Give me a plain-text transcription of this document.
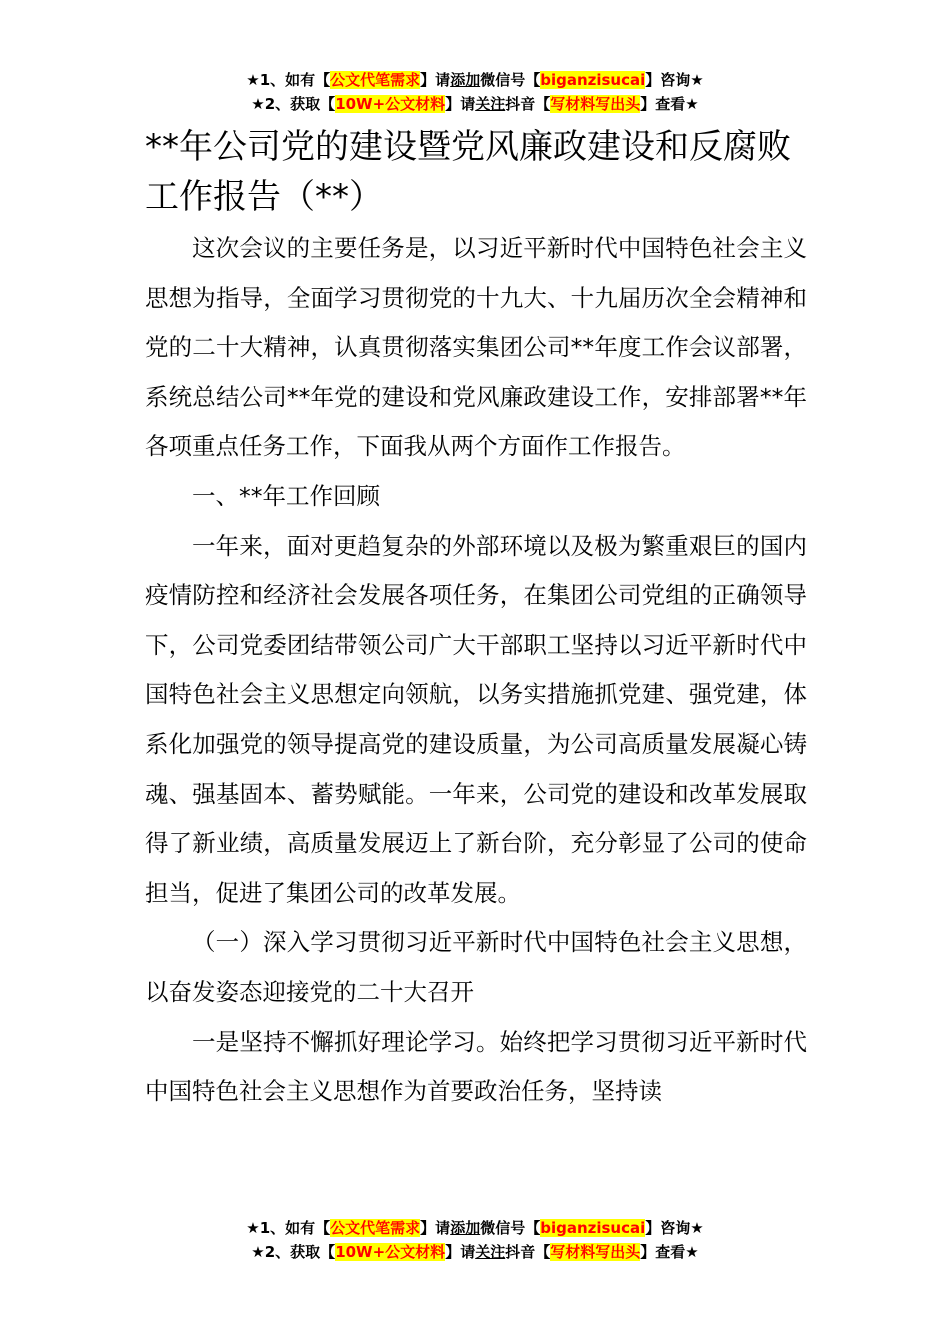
★1、如有【公文代笔需求】请添加微信号【biganzisucai】咨询★
★2、获取【10W+公文材料】请关注抖音【写材料写出头】查看★
**年公司党的建设暨党风廉政建设和反腐败工作报告（**）

这次会议的主要任务是，以习近平新时代中国特色社会主义思想为指导，全面学习贯彻党的十九大、十九届历次全会精神和党的二十大精神，认真贯彻落实集团公司**年度工作会议部署，系统总结公司**年党的建设和党风廉政建设工作，安排部署**年各项重点任务工作，下面我从两个方面作工作报告。

一、**年工作回顾

一年来，面对更趋复杂的外部环境以及极为繁重艰巨的国内疫情防控和经济社会发展各项任务，在集团公司党组的正确领导下，公司党委团结带领公司广大干部职工坚持以习近平新时代中国特色社会主义思想定向领航，以务实措施抓党建、强党建，体系化加强党的领导提高党的建设质量，为公司高质量发展凝心铸魂、强基固本、蓄势赋能。一年来，公司党的建设和改革发展取得了新业绩，高质量发展迈上了新台阶，充分彰显了公司的使命担当，促进了集团公司的改革发展。

（一）深入学习贯彻习近平新时代中国特色社会主义思想，以奋发姿态迎接党的二十大召开

一是坚持不懈抓好理论学习。始终把学习贯彻习近平新时代中国特色社会主义思想作为首要政治任务，坚持读

★1、如有【公文代笔需求】请添加微信号【biganzisucai】咨询★
★2、获取【10W+公文材料】请关注抖音【写材料写出头】查看★
